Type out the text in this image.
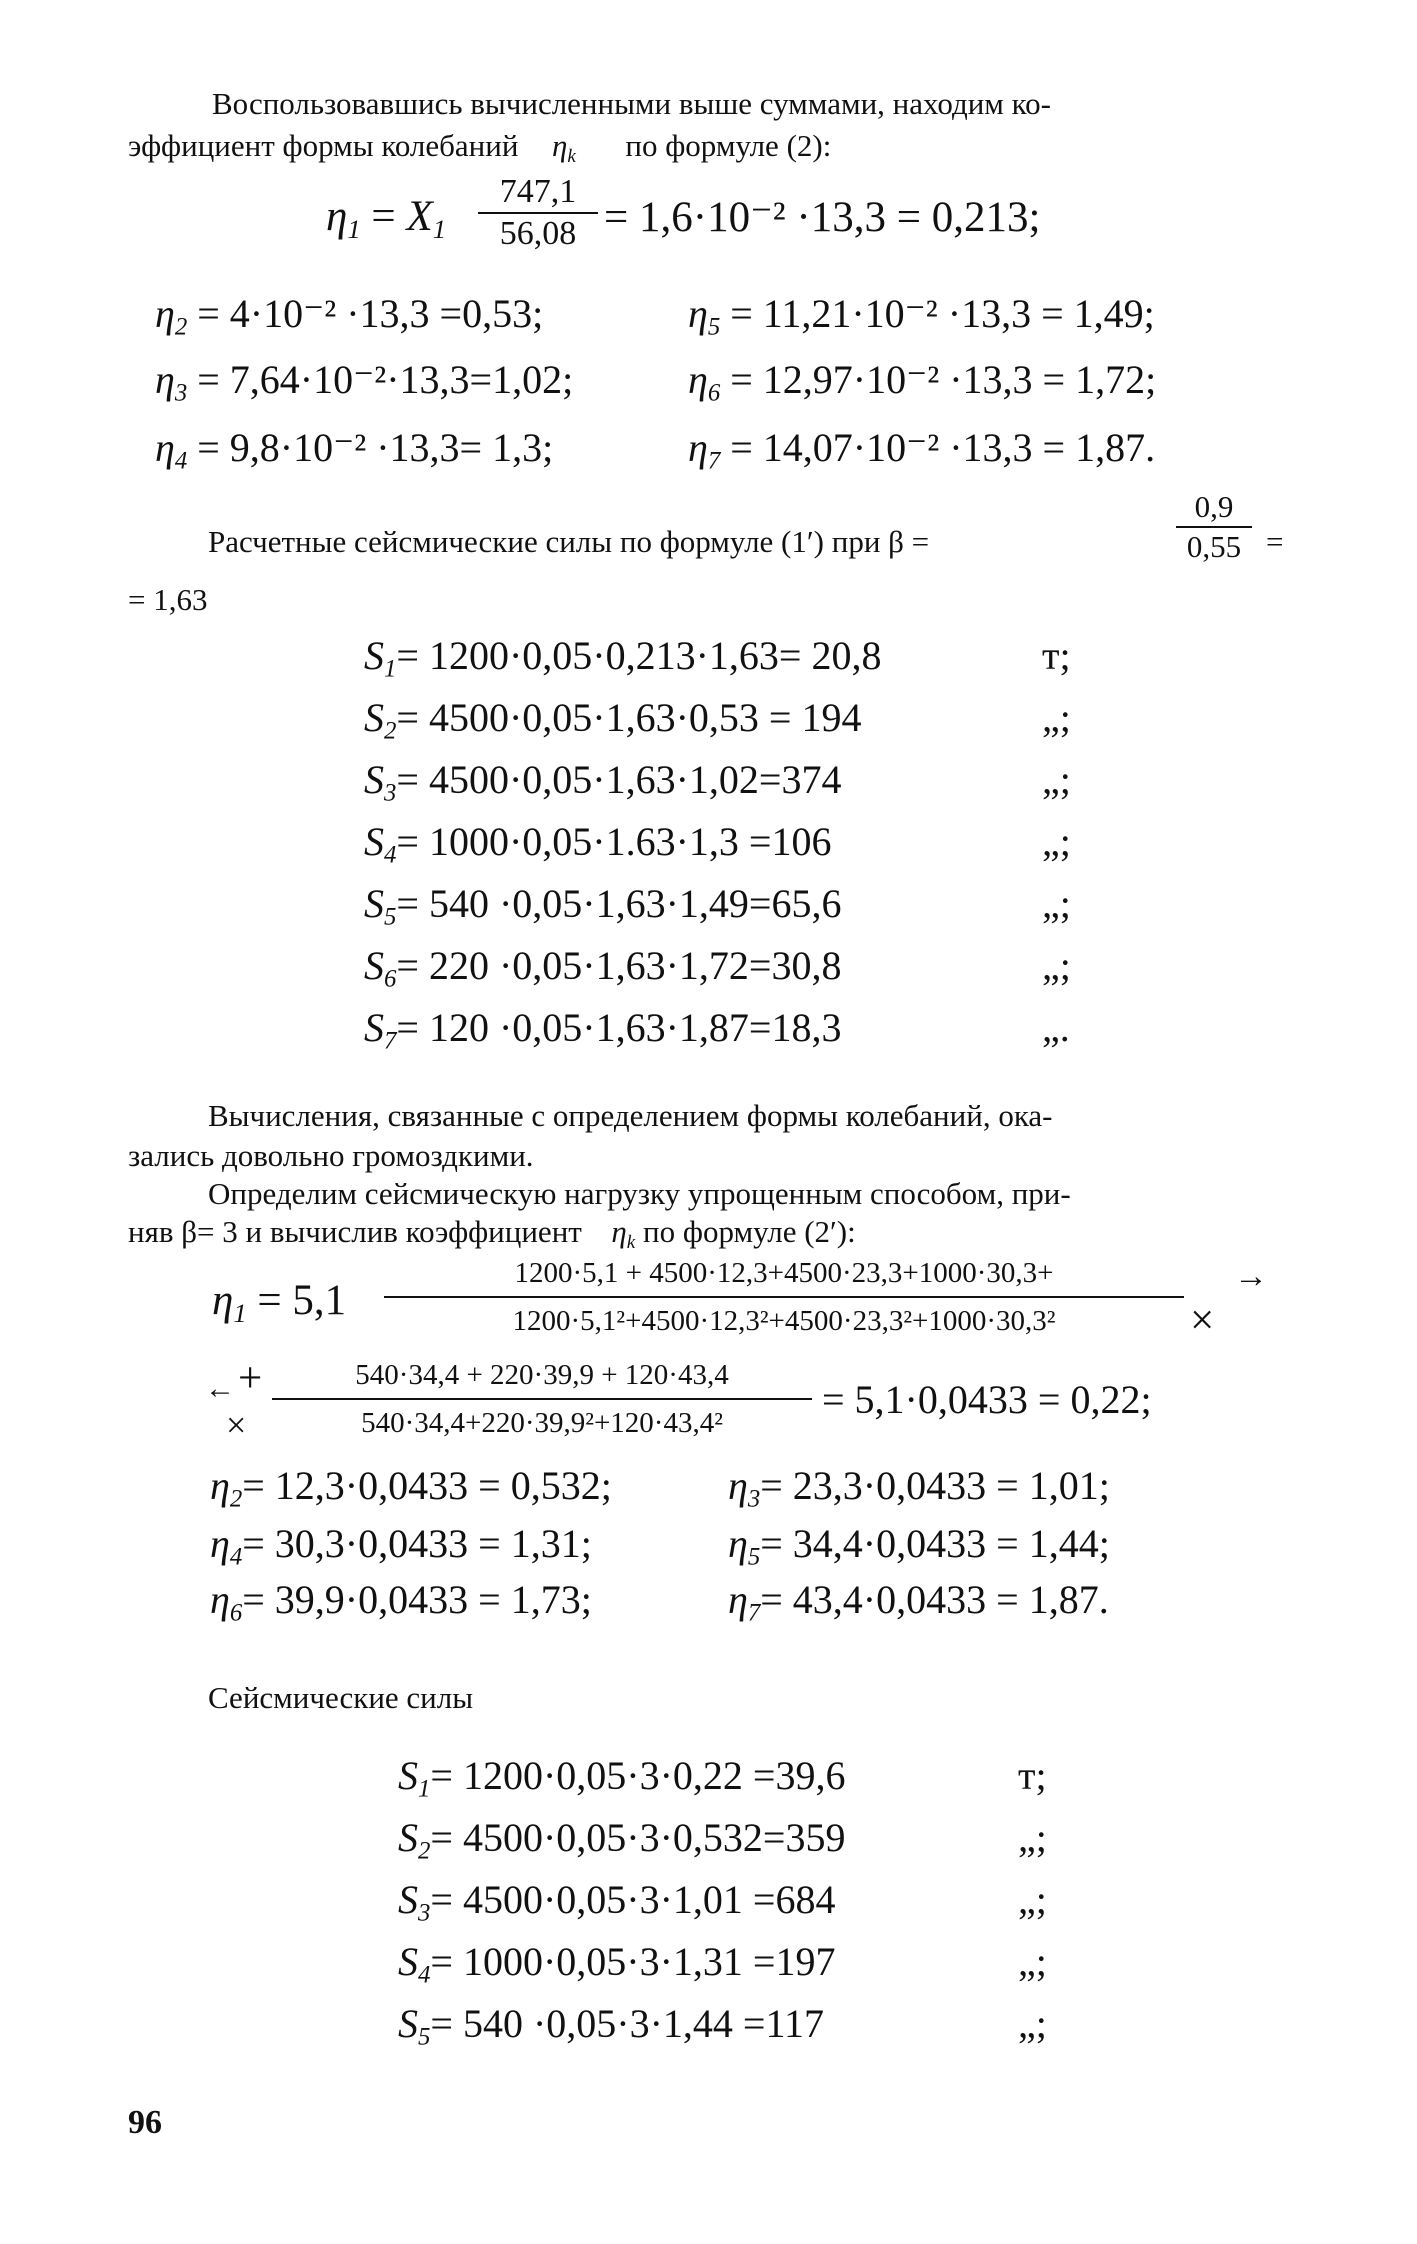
Воспользовавшись вычисленными выше суммами, находим ко-
эффициент формы колебаний $\eta_k$ по формуле (2):
$\eta_1 = X_1$
747,1
56,08 = 1,6·10⁻² ·13,3 = 0,213;
$\eta_2 = 4\cdot 10^{-2} \cdot 13,3 =0,53$;	$\eta_5 = 11,21\cdot 10^{-2} \cdot 13,3 = 1,49$;
$\eta_3 = 7,64\cdot 10^{-2}\cdot 13,3=1,02$;	$\eta_6 = 12,97\cdot 10^{-2} \cdot 13,3 = 1,72$;
$\eta_4 = 9,8\cdot 10^{-2} \cdot 13,3= 1,3$;	$\eta_7 = 14,07\cdot 10^{-2} \cdot 13,3 = 1,87$.
Расчетные сейсмические силы по формуле (1′) при β =
0,9
0,55 =
= 1,63
$S_1= 1200\cdot 0,05\cdot 0,213\cdot 1,63= 20,8$	т;
$S_2= 4500\cdot 0,05\cdot 1,63\cdot 0,53 = 194$	„;
$S_3= 4500\cdot 0,05\cdot 1,63\cdot 1,02=374$	„;
$S_4= 1000\cdot 0,05\cdot 1.63\cdot 1,3 =106$	„;
$S_5= 540 \cdot 0,05\cdot 1,63\cdot 1,49=65,6$	„;
$S_6= 220 \cdot 0,05\cdot 1,63\cdot 1,72=30,8$	„;
$S_7= 120 \cdot 0,05\cdot 1,63\cdot 1,87=18,3$	„.
Вычисления, связанные с определением формы колебаний, ока-
зались довольно громоздкими.
Определим сейсмическую нагрузку упрощенным способом, при-
няв β= 3 и вычислив коэффициент $\eta_k$ по формуле (2′):
$\eta_1 = 5,1$
1200·5,1 + 4500·12,3+4500·23,3+1000·30,3+
1200·5,1²+4500·12,3²+4500·23,3²+1000·30,3²	×
→
← +
×
540·34,4 + 220·39,9 + 120·43,4
540·34,4+220·39,9²+120·43,4²
= 5,1·0,0433 = 0,22;
$\eta_2= 12,3\cdot 0,0433 = 0,532$;	$\eta_3= 23,3\cdot 0,0433 = 1,01$;
$\eta_4= 30,3\cdot 0,0433 = 1,31$;	$\eta_5= 34,4\cdot 0,0433 = 1,44$;
$\eta_6= 39,9\cdot 0,0433 = 1,73$;	$\eta_7= 43,4\cdot 0,0433 = 1,87$.
Сейсмические силы
$S_1= 1200\cdot 0,05\cdot 3\cdot 0,22 =39,6$	т;
$S_2= 4500\cdot 0,05\cdot 3\cdot 0,532=359$	„;
$S_3= 4500\cdot 0,05\cdot 3\cdot 1,01 =684$	„;
$S_4= 1000\cdot 0,05\cdot 3\cdot 1,31 =197$	„;
$S_5= 540 \cdot 0,05\cdot 3\cdot 1,44 =117$	„;
96
